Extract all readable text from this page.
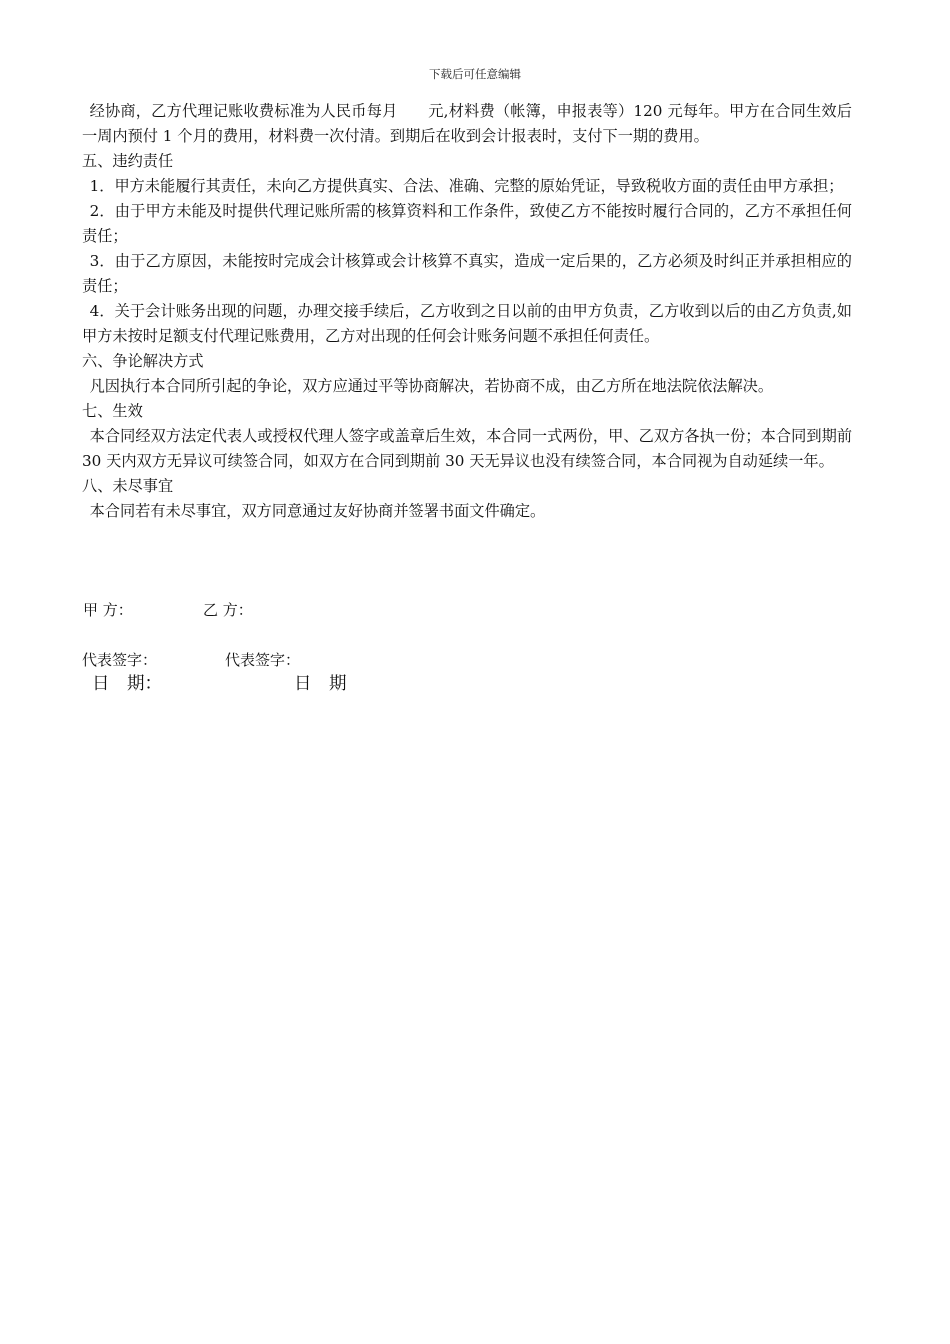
下载后可任意编辑

经协商，乙方代理记账收费标准为人民币每月　　元,材料费（帐簿，申报表等）120 元每年。甲方在合同生效后一周内预付 1 个月的费用，材料费一次付清。到期后在收到会计报表时，支付下一期的费用。

五、违约责任

1．甲方未能履行其责任，未向乙方提供真实、合法、准确、完整的原始凭证，导致税收方面的责任由甲方承担；

2．由于甲方未能及时提供代理记账所需的核算资料和工作条件，致使乙方不能按时履行合同的，乙方不承担任何责任；

3．由于乙方原因，未能按时完成会计核算或会计核算不真实，造成一定后果的，乙方必须及时纠正并承担相应的责任；

4．关于会计账务出现的问题，办理交接手续后，乙方收到之日以前的由甲方负责，乙方收到以后的由乙方负责,如甲方未按时足额支付代理记账费用，乙方对出现的任何会计账务问题不承担任何责任。

六、争论解决方式

凡因执行本合同所引起的争论，双方应通过平等协商解决，若协商不成，由乙方所在地法院依法解决。

七、生效

本合同经双方法定代表人或授权代理人签字或盖章后生效，本合同一式两份，甲、乙双方各执一份；本合同到期前 30 天内双方无异议可续签合同，如双方在合同到期前 30 天无异议也没有续签合同，本合同视为自动延续一年。

八、未尽事宜

本合同若有未尽事宜，双方同意通过友好协商并签署书面文件确定。

甲 方：	乙 方：
代表签字：	代表签字：
日　期：	日　期
